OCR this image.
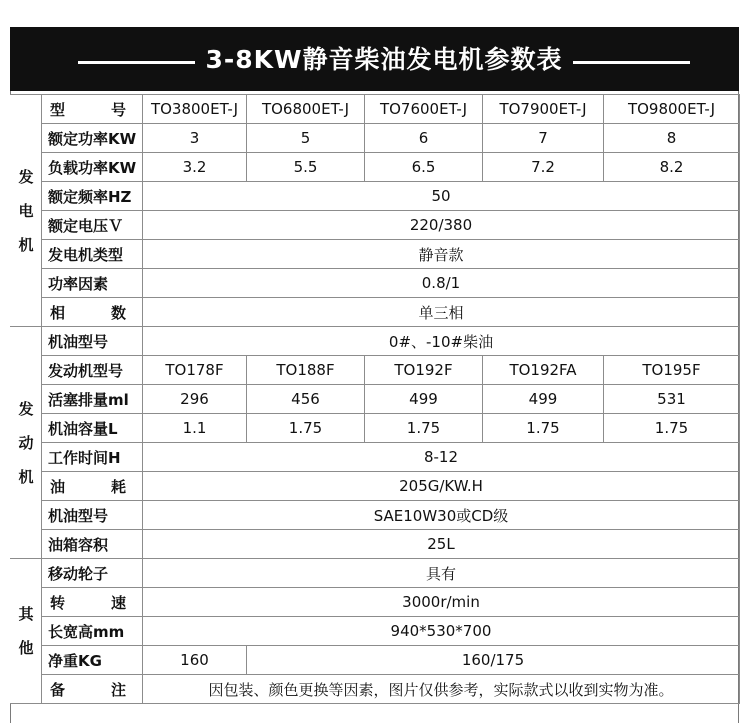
3-8KW静音柴油发电机参数表
发电机	型　号	TO3800ET-J	TO6800ET-J	TO7600ET-J	TO7900ET-J	TO9800ET-J
	额定功率KW	3	5	6	7	8
	负载功率KW	3.2	5.5	6.5	7.2	8.2
	额定频率HZ	50				
	额定电压Ｖ	220/380				
	发电机类型	静音款				
	功率因素	0.8/1				
	相　数	单三相				
发动机	机油型号	0#、-10#柴油				
	发动机型号	TO178F	TO188F	TO192F	TO192FA	TO195F
	活塞排量ml	296	456	499	499	531
	机油容量L	1.1	1.75	1.75	1.75	1.75
	工作时间H	8-12				
	油　耗	205G/KW.H				
	机油型号	SAE10W30或CD级				
	油箱容积	25L				
其他	移动轮子	具有				
	转　速	3000r/min				
	长宽高mm	940*530*700				
	净重KG	160	160/175			
	备　注	因包装、颜色更换等因素，图片仅供参考，实际款式以收到实物为准。				
